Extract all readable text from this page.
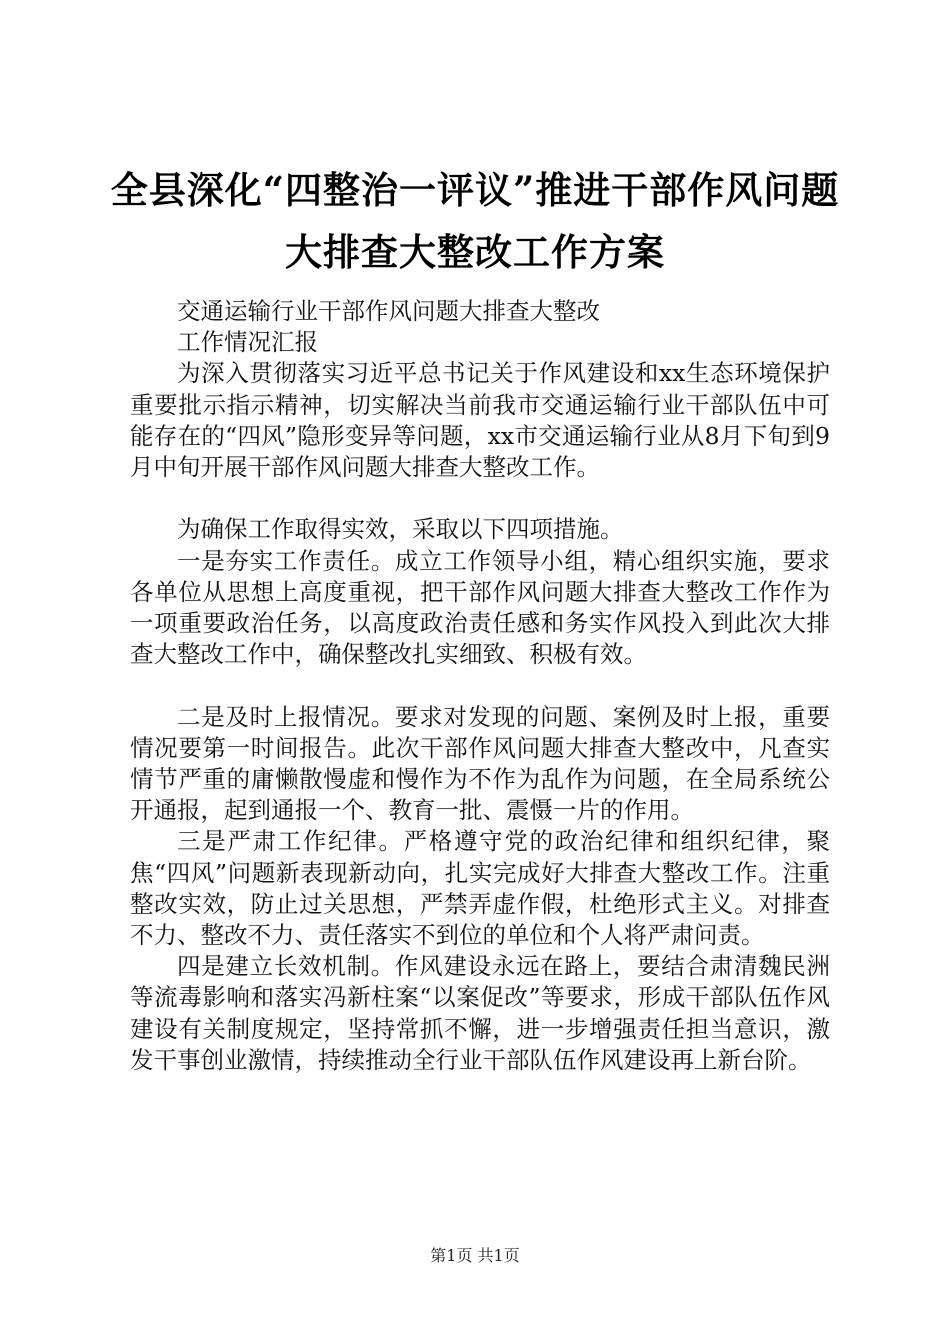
全县深化“四整治一评议”推进干部作风问题
大排查大整改工作方案

交通运输行业干部作风问题大排查大整改

工作情况汇报

为深入贯彻落实习近平总书记关于作风建设和xx生态环境保护重要批示指示精神，切实解决当前我市交通运输行业干部队伍中可能存在的“四风”隐形变异等问题，xx市交通运输行业从8月下旬到9月中旬开展干部作风问题大排查大整改工作。

为确保工作取得实效，采取以下四项措施。

一是夯实工作责任。成立工作领导小组，精心组织实施，要求各单位从思想上高度重视，把干部作风问题大排查大整改工作作为一项重要政治任务，以高度政治责任感和务实作风投入到此次大排查大整改工作中，确保整改扎实细致、积极有效。

二是及时上报情况。要求对发现的问题、案例及时上报，重要情况要第一时间报告。此次干部作风问题大排查大整改中，凡查实情节严重的庸懒散慢虚和慢作为不作为乱作为问题，在全局系统公开通报，起到通报一个、教育一批、震慑一片的作用。

三是严肃工作纪律。严格遵守党的政治纪律和组织纪律，聚焦“四风”问题新表现新动向，扎实完成好大排查大整改工作。注重整改实效，防止过关思想，严禁弄虚作假，杜绝形式主义。对排查不力、整改不力、责任落实不到位的单位和个人将严肃问责。

四是建立长效机制。作风建设永远在路上，要结合肃清魏民洲等流毒影响和落实冯新柱案“以案促改”等要求，形成干部队伍作风建设有关制度规定，坚持常抓不懈，进一步增强责任担当意识，激发干事创业激情，持续推动全行业干部队伍作风建设再上新台阶。

第1页 共1页
